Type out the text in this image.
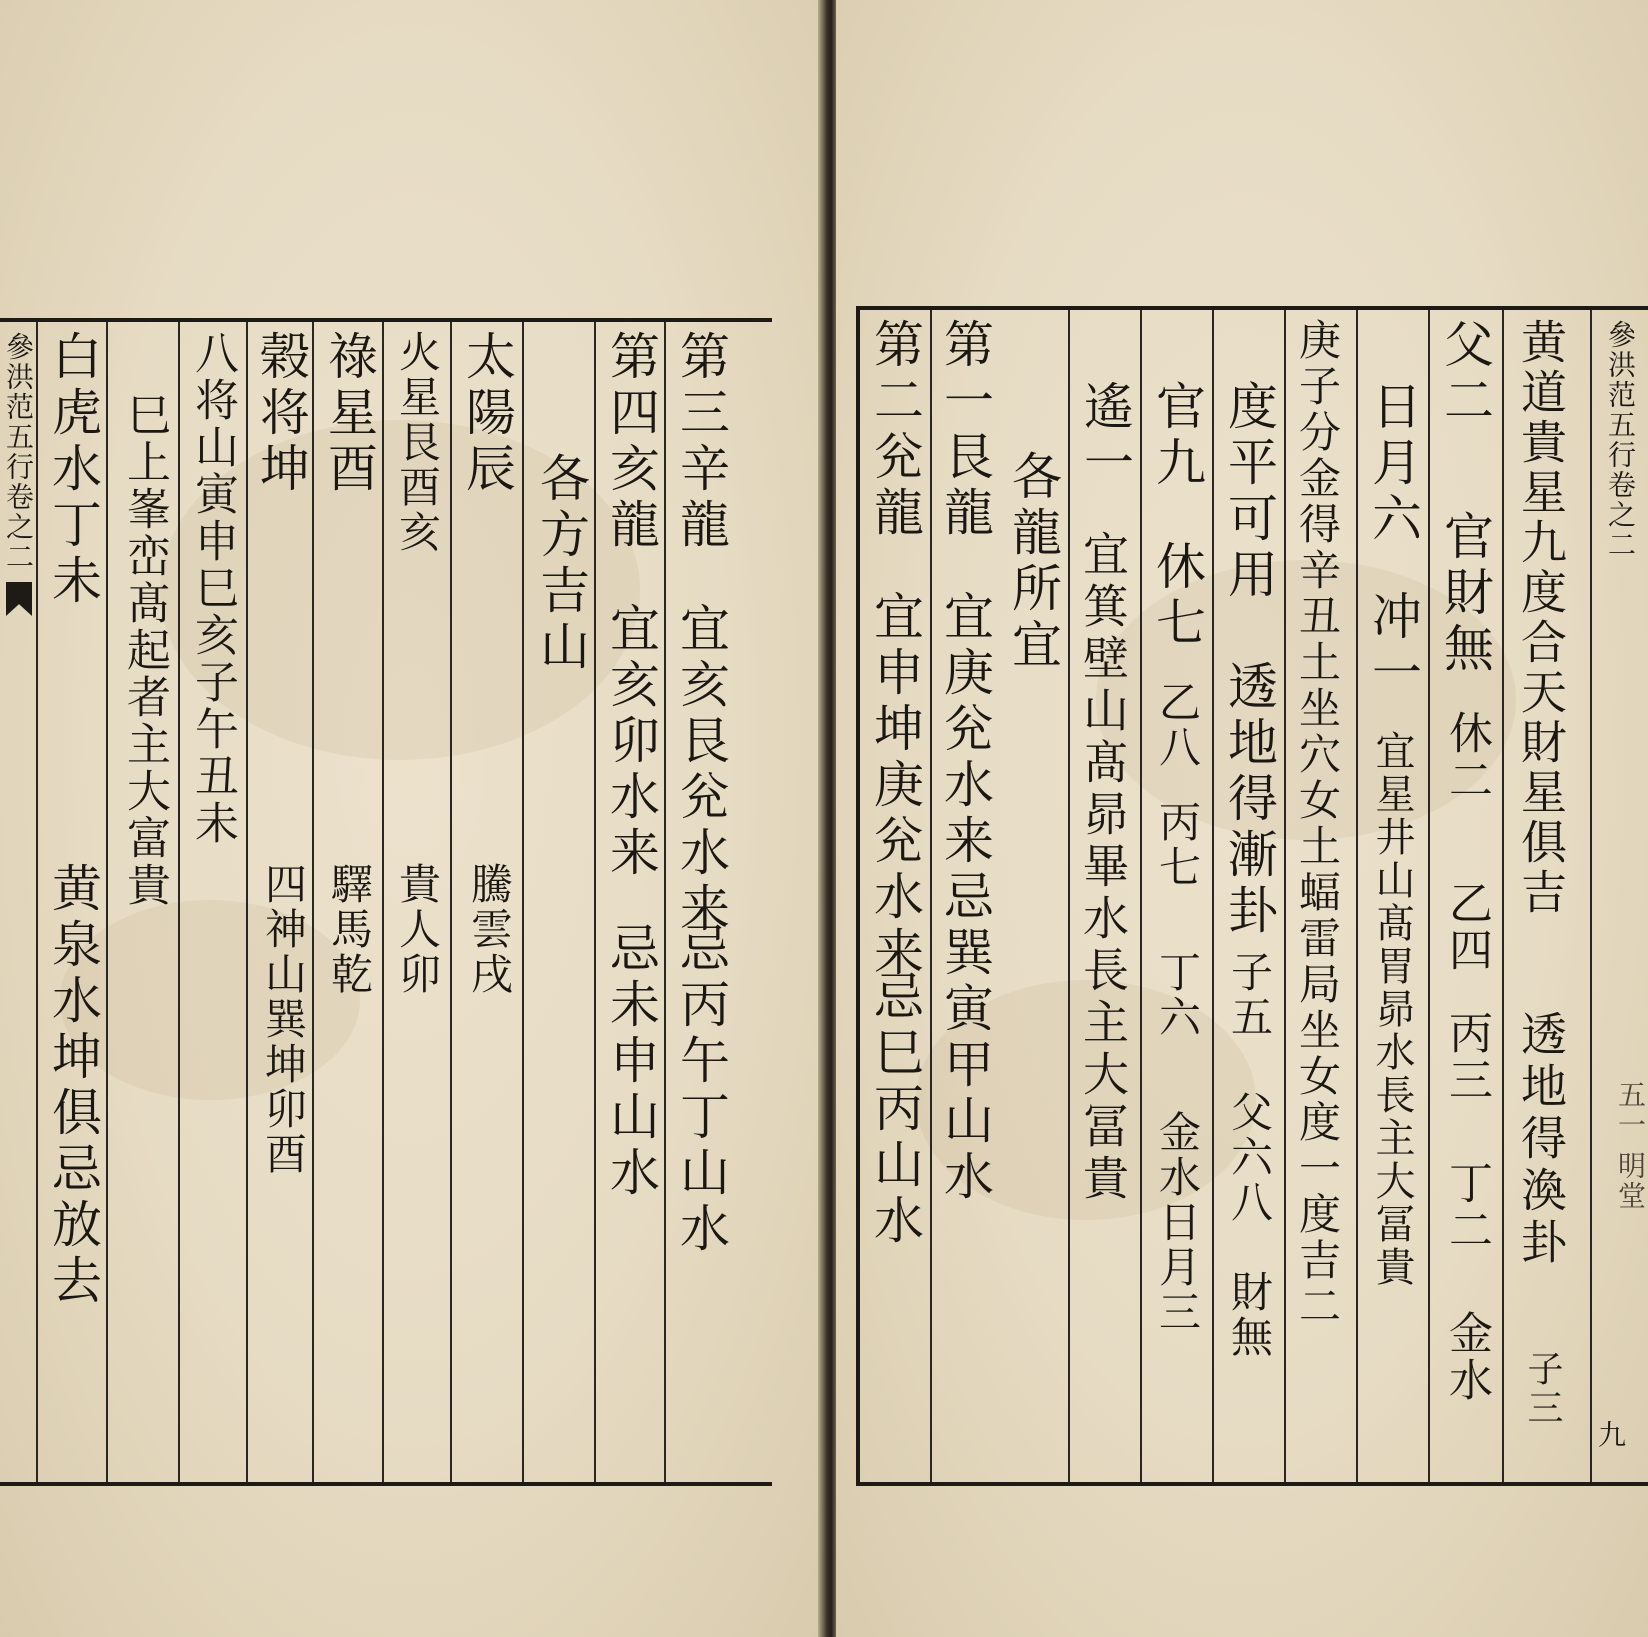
參洪范五行卷之二 白虎水丁未
黄泉水坤俱忌放去
巳上峯峦髙起者主大富貴 八将山寅申巳亥子午丑未 榖将坤
四神山巽坤卯酉
祿星酉
驛馬乾
火星艮酉亥
貴人卯
太陽辰
騰雲戌
各方吉山
第四亥龍
宜亥卯水来
忌未申山水
第三辛龍
宜亥艮兊水来
忌丙午丁山水
第二兊龍
宜申坤庚兊水来
忌巳丙山水
第一艮龍
宜庚兊水来
忌巽寅甲山水
各龍所宜
遙一
宜箕壁山髙昴畢水長主大冨貴
官九
休七
乙八
丙七
丁六
金水日月三
度平可用
透地得漸卦
子五
父六八
財無 庚子分金得辛丑土坐穴女土蝠雷局坐女度一度吉二 日月六
冲一
宜星井山髙胃昴水長主大冨貴
父二
官財無
休二
乙四
丙三
丁二
金水
黄道貴星九度合天財星俱吉
透地得渙卦
子三
參洪范五行卷之二
九
五一 明堂
